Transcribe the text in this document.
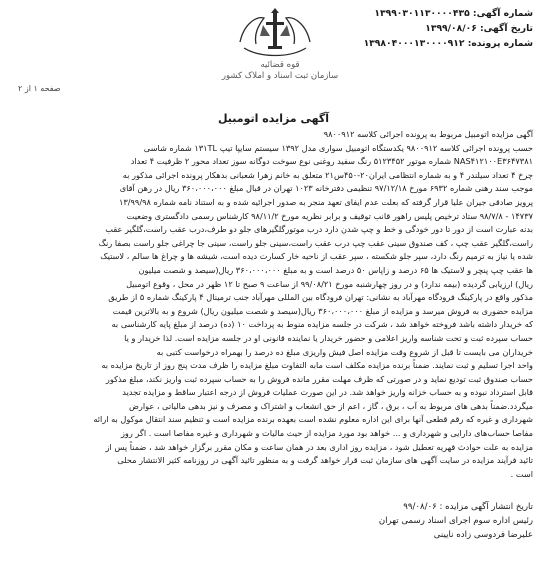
شماره آگهی: ۱۳۹۹۰۳۰۱۱۳۰۰۰۰۴۳۵
تاریخ آگهی: ۱۳۹۹/۰۸/۰۶
شماره پرونده: ۱۳۹۸۰۴۰۰۰۱۳۰۰۰۰۹۱۲
قوه قضائیه
سازمان ثبت اسناد و املاک کشور
صفحه ۱ از ۲
آگهی مزایده اتومبیل

آگهی مزایده اتومبیل مربوط به پرونده اجرائی کلاسه ۹۸۰۰۹۱۲

حسب پرونده اجرائی کلاسه ۹۸۰۰۹۱۲ یکدستگاه اتومبیل سواری مدل ۱۳۹۲ سیستم سایپا تیپ ۱۳۱TL شماره شاسی

NAS۴۱۲۱۰۰E۳۶۴۷۳۸۱ شماره موتور ۵۱۲۳۴۵۲ رنگ سفید روغنی نوع سوخت دوگانه سوز تعداد محور ۲ ظرفیت ۴ تعداد

چرخ ۴ تعداد سیلندر ۴ و به شماره انتظامی ایران۲۰-۴۵۰س۲۱ متعلق به خانم زهرا شعبانی بدهکار پرونده اجرائی مذکور به

موجب سند رهنی شماره ۶۹۳۲ مورخ ۹۷/۱۲/۱۸ تنظیمی دفترخانه ۱۰۲۳ تهران در قبال مبلغ ۳۶۰،۰۰۰،۰۰۰ ریال در رهن آقای

پرویز صادقی جیران علیا قرار گرفته که بعلت عدم ایفای تعهد منجر به صدور اجرائیه شده و به استناد نامه شماره ۱۳/۹۹/۹۸

۱۴۷۳۷ - ۹۸/۷/۸ ستاد ترخیص پلیس راهور قانب توقیف و برابر نظریه مورخ ۹۸/۱۱/۲ کارشناس رسمی دادگستری وضعیت

بدنه عبارت است از دور تا دور خودگی و خط و چپ شدن دارد درب موتورگلگیرهای جلو دو طرف،درب عقب راست،گلگیر عقب

راست،گلگیر عقب چپ ، کف صندوق سینی عقب چپ درب عقب راست،سینی جلو راست، سینی جا چراغی جلو راست بصفا رنگ

شده یا نیاز به ترمیم رنگ دارد، سپر جلو شکسته ، سپر عقب از ناحیه خار کسارت دیده است، شیشه ها و چراغ ها سالم ، لاستیک

ها عقب چپ پنچر و لاستیک ها ۶۵ درصد و زاپاس ۵۰ درصد است و به مبلغ ۳۶۰،۰۰۰،۰۰۰ ریال(سیصد و شصت میلیون

ریال) ارزیابی گردیده (بیمه ندارد) و در روز چهارشنبه مورخ ۹۹/۰۸/۲۱ از ساعت ۹ صبح تا ۱۲ ظهر در محل ، وقوع اتومبیل

مذکور واقع در پارکینگ فرودگاه مهرآباد به نشانی: تهران فرودگاه بین المللی مهرآباد جنب ترمینال ۴ پارکینگ شماره ۵ از طریق

مزایده حضوری به فروش میرسد و مزایده از مبلغ ۳۶۰،۰۰۰،۰۰۰ ریال(سیصد و شصت میلیون ریال) شروع و به بالاترین قیمت

که خریدار داشته باشد فروخته خواهد شد ، شرکت در جلسه مزایده منوط به پرداخت ۱۰ (ده) درصد از مبلغ پایه کارشناسی به

حساب سپرده ثبت و تحت شناسه واریز اعلامی و حضور خریدار یا نماینده قانونی او در جلسه مزایده است. لذا خریدار و یا

خریداران می بایست تا قبل از شروع وقت مزایده اصل فیش واریزی مبلغ ده درصد را بهمراه درخواست کتبی به

واحد اجرا تسلیم و ثبت نمایند. ضمناً برنده مزایده مکلف است مابه التفاوت مبلغ مزایده را ظرف مدت پنج روز از تاریخ مزایده به

حساب صندوق ثبت تودیع نماید و در صورتی که ظرف مهلت مقرر مانده فروش را به حساب سپرده ثبت واریز نکند، مبلغ مذکور

قابل استرداد نبوده و به حساب خزانه واریز خواهد شد. در این صورت عملیات فروش از درجه اعتبار ساقط و مزایده تجدید

میگردد.ضمناً بدهی های مربوط به آب ، برق ، گاز ، اعم از حق انشعاب و اشتراک و مصرف و نیز بدهی مالیاتی ، عوارض

شهرداری و غیره که رقم قطعی آنها برای این اداره معلوم نشده است بعهده برنده مزایده است و تنظیم سند انتقال موکول به ارائه

مفاصا حساب‌های دارایی و شهرداری و ... خواهد بود مورد مزایده از حیث مالیات و شهرداری و غیره مفاصا است . اگر روز

مزایده به علت حوادث قهریه تعطیل شود ، مزایده روز اداری بعد در همان ساعت و مکان مقرر برگزار خواهد شد ، ضمناً پس از

تائید فرآیند مزایده در سایت آگهی های سازمان ثبت قرار خواهد گرفت و به منظور تائید آگهی در روزنامه کثیر الانتشار محلی

است .

تاریخ انتشار آگهی مزایده : ۹۹/۰۸/۰۶
رئیس اداره سوم اجرای اسناد رسمی تهران
علیرضا فردوسی زاده نایینی
